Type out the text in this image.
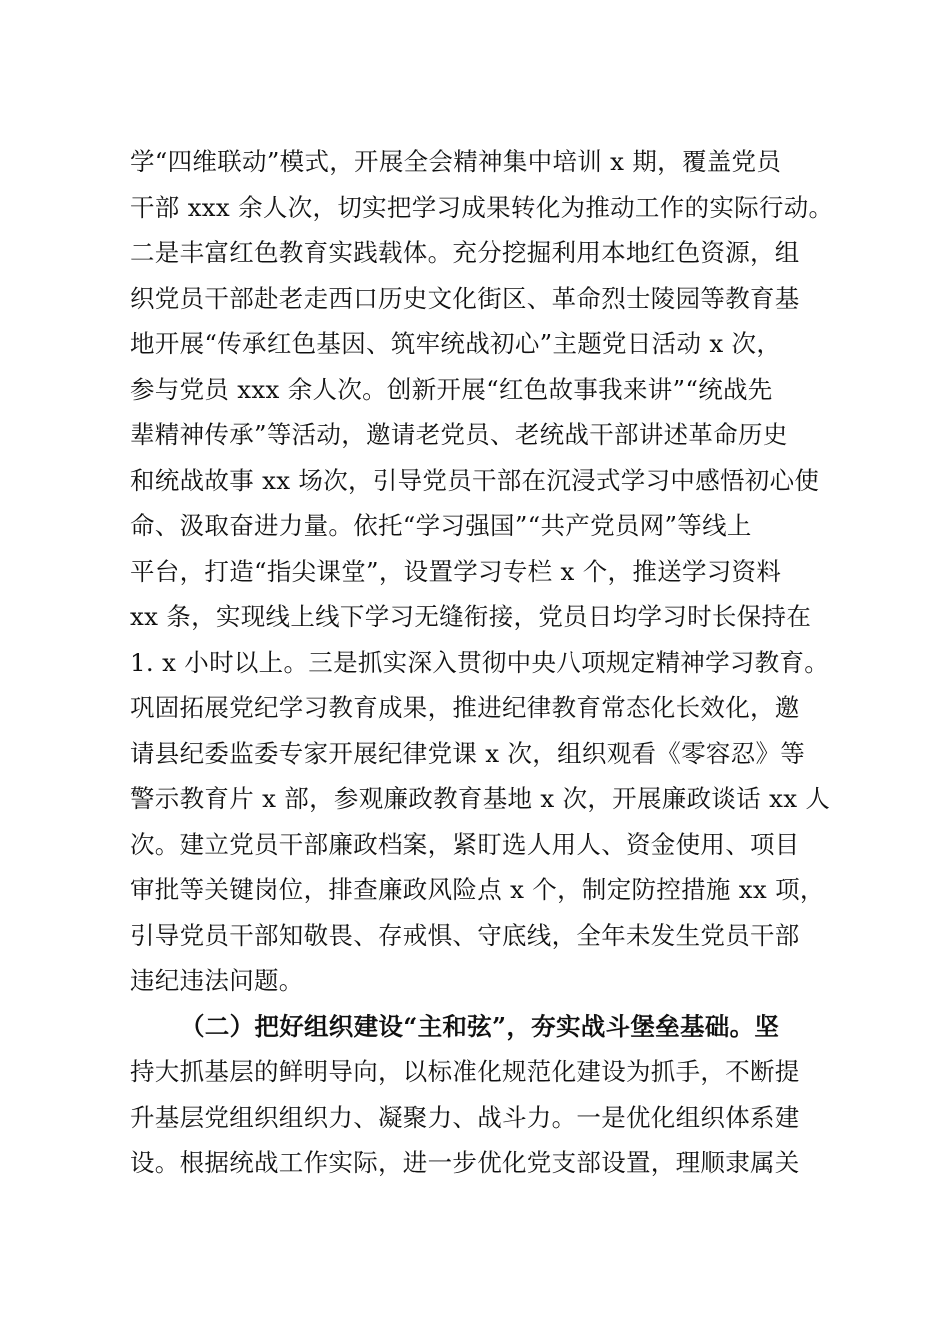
学“四维联动”模式，开展全会精神集中培训 x 期，覆盖党员
干部 xxx 余人次，切实把学习成果转化为推动工作的实际行动。
二是丰富红色教育实践载体。充分挖掘利用本地红色资源，组
织党员干部赴老走西口历史文化街区、革命烈士陵园等教育基
地开展“传承红色基因、筑牢统战初心”主题党日活动 x 次，
参与党员 xxx 余人次。创新开展“红色故事我来讲”“统战先
辈精神传承”等活动，邀请老党员、老统战干部讲述革命历史
和统战故事 xx 场次，引导党员干部在沉浸式学习中感悟初心使
命、汲取奋进力量。依托“学习强国”“共产党员网”等线上
平台，打造“指尖课堂”，设置学习专栏 x 个，推送学习资料
xx 条，实现线上线下学习无缝衔接，党员日均学习时长保持在
1. x 小时以上。三是抓实深入贯彻中央八项规定精神学习教育。
巩固拓展党纪学习教育成果，推进纪律教育常态化长效化，邀
请县纪委监委专家开展纪律党课 x 次，组织观看《零容忍》等
警示教育片 x 部，参观廉政教育基地 x 次，开展廉政谈话 xx 人
次。建立党员干部廉政档案，紧盯选人用人、资金使用、项目
审批等关键岗位，排查廉政风险点 x 个，制定防控措施 xx 项，
引导党员干部知敬畏、存戒惧、守底线，全年未发生党员干部
违纪违法问题。
（二）把好组织建设“主和弦”，夯实战斗堡垒基础。坚
持大抓基层的鲜明导向，以标准化规范化建设为抓手，不断提
升基层党组织组织力、凝聚力、战斗力。一是优化组织体系建
设。根据统战工作实际，进一步优化党支部设置，理顺隶属关
